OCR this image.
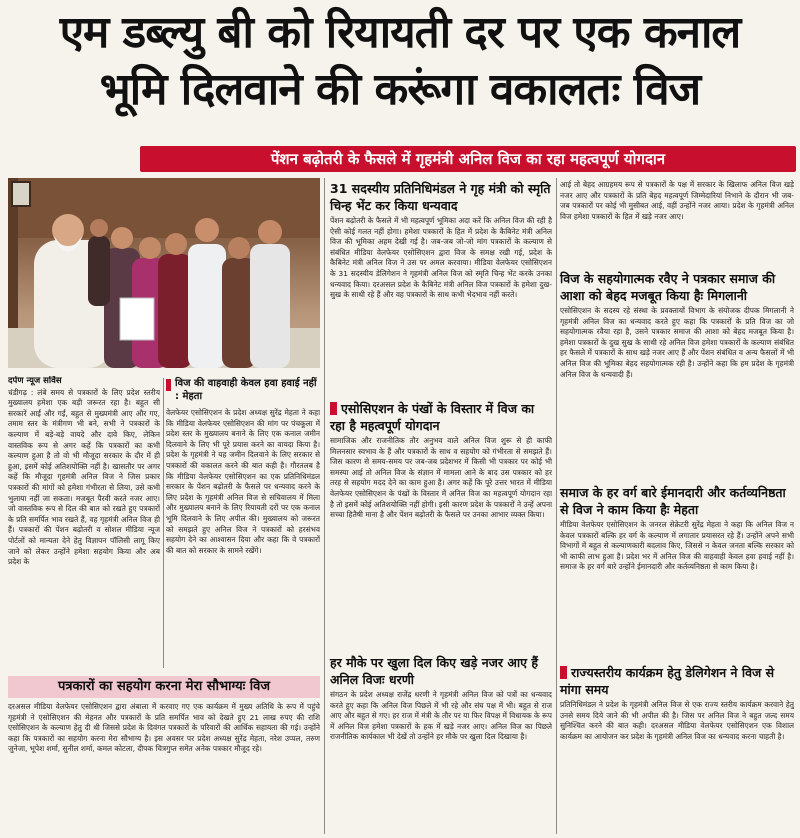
एम डब्ल्यु बी को रियायती दर पर एक कनाल
भूमि दिलवाने की करूंगा वकालतः विज
पेंशन बढ़ोतरी के फैसले में गृहमंत्री अनिल विज का रहा महत्वपूर्ण योगदान
दर्पण न्यूज सर्विस
चंडीगढ़ : लंबे समय से पत्रकारों के लिए प्रदेश स्तरीय मुख्यालय हमेशा एक बड़ी जरूरत रहा है। बहुत सी सरकारें आईं और गईं, बहुत से मुख्यमंत्री आए और गए, तमाम स्तर के मंत्रीगण भी बने, सभी ने पत्रकारों के कल्याण में बड़े-बड़े वायदे और दावे किए, लेकिन वास्तविक रूप से अगर कहें कि पत्रकारों का कभी कल्याण हुआ है तो वो भी मौजूदा सरकार के दौर में ही हुआ, इसमें कोई अतिशयोक्ति नहीं है। खासतौर पर अगर कहें कि मौजूदा गृहमंत्री अनिल विज ने जिस प्रकार पत्रकारों की मांगों को हमेशा गंभीरता से लिया, उसे कभी भुलाया नहीं जा सकता। मजबूत पैरवी करते नजर आए। जो वास्तविक रूप से दिल की बात को रखते हुए पत्रकारों के प्रति समर्पित भाव रखते हैं, वह गृहमंत्री अनिल विज ही हैं। पत्रकारों की पेंशन बढ़ोतरी व सोशल मीडिया न्यूज पोर्टलों को मान्यता देने हेतु विज्ञापन पॉलिसी लागू किए जाने को लेकर उन्होंने हमेशा सहयोग किया और अब प्रदेश के
विज की वाहवाही केवल हवा हवाई नहीं : मेहता
वेलफेयर एसोसिएशन के प्रदेश अध्यक्ष सुरेंद्र मेहता ने कहा कि मीडिया वेलफेयर एसोसिएशन की मांग पर पंचकूला में प्रदेश स्तर के मुख्यालय बनाने के लिए एक कनाल जमीन दिलवाने के लिए भी पूरे प्रयास करने का वायदा किया है। प्रदेश के गृहमंत्री ने यह जमीन दिलवाने के लिए सरकार से पत्रकारों की वकालत करने की बात कही है। गौरतलब है कि मीडिया वेलफेयर एसोसिएशन का एक प्रतिनिधिमंडल सरकार के पेंशन बढ़ोतरी के फैसले पर धन्यवाद करने के लिए प्रदेश के गृहमंत्री अनिल विज से सचिवालय में मिला और मुख्यालय बनाने के लिए रियायती दरों पर एक कनाल भूमि दिलवाने के लिए अपील की। मुख्यालय को जरूरत को समझते हुए अनिल विज ने पत्रकारों को हरसंभव सहयोग देने का आश्वासन दिया और कहा कि वे पत्रकारों की बात को सरकार के सामने रखेंगे।
पत्रकारों का सहयोग करना मेरा सौभाग्यः विज
दरअसल मीडिया वेलफेयर एसोसिएशन द्वारा अंबाला में करवाए गए एक कार्यक्रम में मुख्य अतिथि के रूप में पहुंचे गृहमंत्री ने एसोसिएशन की मेहनत और पत्रकारों के प्रति समर्पित भाव को देखते हुए 21 लाख रुपए की राशि एसोसिएशन के कल्याण हेतु दी थी जिससे प्रदेश के दिवंगत पत्रकारों के परिवारों की आर्थिक सहायता की गई। उन्होंने कहा कि पत्रकारों का सहयोग करना मेरा सौभाग्य है। इस अवसर पर प्रदेश अध्यक्ष सुरेंद्र मेहता, नरेश उप्पल, तरुण जुनेजा, भूपेश शर्मा, सुनील शर्मा, कमल कोटला, दीपक चित्रगुप्त समेत अनेक पत्रकार मौजूद रहे।
31 सदस्यीय प्रतिनिधिमंडल ने गृह मंत्री को स्मृति चिन्ह भेंट कर किया धन्यवाद
पेंशन बढ़ोतरी के फैसले में भी महत्वपूर्ण भूमिका अदा करें कि अनिल विज की रही है ऐसी कोई गलत नहीं होगा। हमेशा पत्रकारों के हित में प्रदेश के कैबिनेट मंत्री अनिल विज की भूमिका अहम देखी गई है। जब-जब जो-जो मांग पत्रकारों के कल्याण से संबंधित मीडिया वेलफेयर एसोसिएशन द्वारा विज के समक्ष रखी गई, प्रदेश के कैबिनेट मंत्री अनिल विज ने उस पर अमल करवाया। मीडिया वेलफेयर एसोसिएशन के 31 सदस्यीय डेलिगेशन ने गृहमंत्री अनिल विज को स्मृति चिन्ह भेंट करके उनका धन्यवाद किया। दरअसल प्रदेश के कैबिनेट मंत्री अनिल विज पत्रकारों के हमेशा दुख-सुख के साथी रहे हैं और वह पत्रकारों के साथ कभी भेदभाव नहीं करते।
एसोसिएशन के पंखों के विस्तार में विज का रहा है महत्वपूर्ण योगदान
सामाजिक और राजनीतिक तौर अनुभव वाले अनिल विज शुरू से ही काफी मिलनसार स्वभाव के हैं और पत्रकारों के साथ व सहयोग को गंभीरता से समझते हैं। जिस कारण से समय-समय पर जब-जब प्रदेशभर में किसी भी पत्रकार पर कोई भी समस्या आई तो अनिल विज के संज्ञान में मामला आने के बाद उस पत्रकार को हर तरह से सहयोग मदद देने का काम हुआ है। अगर कहें कि पूरे उत्तर भारत में मीडिया वेलफेयर एसोसिएशन के पंखों के विस्तार में अनिल विज का महत्वपूर्ण योगदान रहा है तो इसमें कोई अतिशयोक्ति नहीं होगी। इसी कारण प्रदेश के पत्रकारों ने उन्हें अपना सच्चा हितैषी माना है और पेंशन बढ़ोतरी के फैसले पर उनका आभार व्यक्त किया।
हर मौके पर खुला दिल किए खड़े नजर आए हैं अनिल विजः धरणी
संगठन के प्रदेश अध्यक्ष राजेंद्र धरणी ने गृहमंत्री अनिल विज को पत्रों का धन्यवाद करते हुए कहा कि अनिल विज पिछले में भी रहे और संघ पक्ष में भी। बहुत से राज आए और बहुत से गए। हर राज में मंत्री के तौर पर या फिर विपक्ष में विधायक के रूप में अनिल विज हमेशा पत्रकारों के हक में खड़े नजर आए। अनिल विज का पिछले राजनीतिक कार्यकाल भी देखें तो उन्होंने हर मौके पर खुला दिल दिखाया है।
आई तो बेहद आग्रहमय रूप से पत्रकारों के पक्ष में सरकार के खिलाफ अनिल विज खड़े नजर आए और पत्रकारों के प्रति बेहद महत्वपूर्ण जिम्मेदारियां निभाने के दौरान भी जब-जब पत्रकारों पर कोई भी मुसीबत आई, वहीं उन्होंने नजर आया। प्रदेश के गृहमंत्री अनिल विज हमेशा पत्रकारों के हित में खड़े नजर आए।
विज के सहयोगात्मक रवैए ने पत्रकार समाज की आशा को बेहद मजबूत किया हैः मिगलानी
एसोसिएशन के सदस्य रहे संस्था के प्रवक्तायों विभाग के संयोजक दीपक मिगलानी ने गृहमंत्री अनिल विज का धन्यवाद करते हुए कहा कि पत्रकारों के प्रति विज का जो सहयोगात्मक रवैया रहा है, उसने पत्रकार समाज की आशा को बेहद मजबूत किया है। हमेशा पत्रकारों के दुख सुख के साथी रहे अनिल विज हमेशा पत्रकारों के कल्याण संबंधित हर फैसले में पत्रकारों के साथ खड़े नजर आए हैं और पेंशन संबंधित व अन्य फैसलों में भी अनिल विज की भूमिका बेहद सहयोगात्मक रही है। उन्होंने कहा कि हम प्रदेश के गृहमंत्री अनिल विज के धन्यवादी हैं।
समाज के हर वर्ग बारे ईमानदारी और कर्तव्यनिष्ठता से विज ने काम किया हैः मेहता
मीडिया वेलफेयर एसोसिएशन के जनरल सेक्रेटरी सुरेंद्र मेहता ने कहा कि अनिल विज न केवल पत्रकारों बल्कि हर वर्ग के कल्याण में लगातार प्रयासरत रहे हैं। उन्होंने अपने सभी विभागों में बहुत से कल्याणकारी बदलाव किए, जिससे न केवल जनता बल्कि सरकार को भी काफी लाभ हुआ है। प्रदेश भर में अनिल विज की वाहवाही केवल हवा हवाई नहीं है। समाज के हर वर्ग बारे उन्होंने ईमानदारी और कर्तव्यनिष्ठता से काम किया है।
राज्यस्तरीय कार्यक्रम हेतु डेलिगेशन ने विज से मांगा समय
प्रतिनिधिमंडल ने प्रदेश के गृहमंत्री अनिल विज से एक राज्य स्तरीय कार्यक्रम करवाने हेतु उनसे समय दिये जाने की भी अपील की है। जिस पर अनिल विज ने बहुत जल्द समय सुनिश्चित करने की बात कही। दरअसल मीडिया वेलफेयर एसोसिएशन एक विशाल कार्यक्रम का आयोजन कर प्रदेश के गृहमंत्री अनिल विज का धन्यवाद करना चाहती है।
